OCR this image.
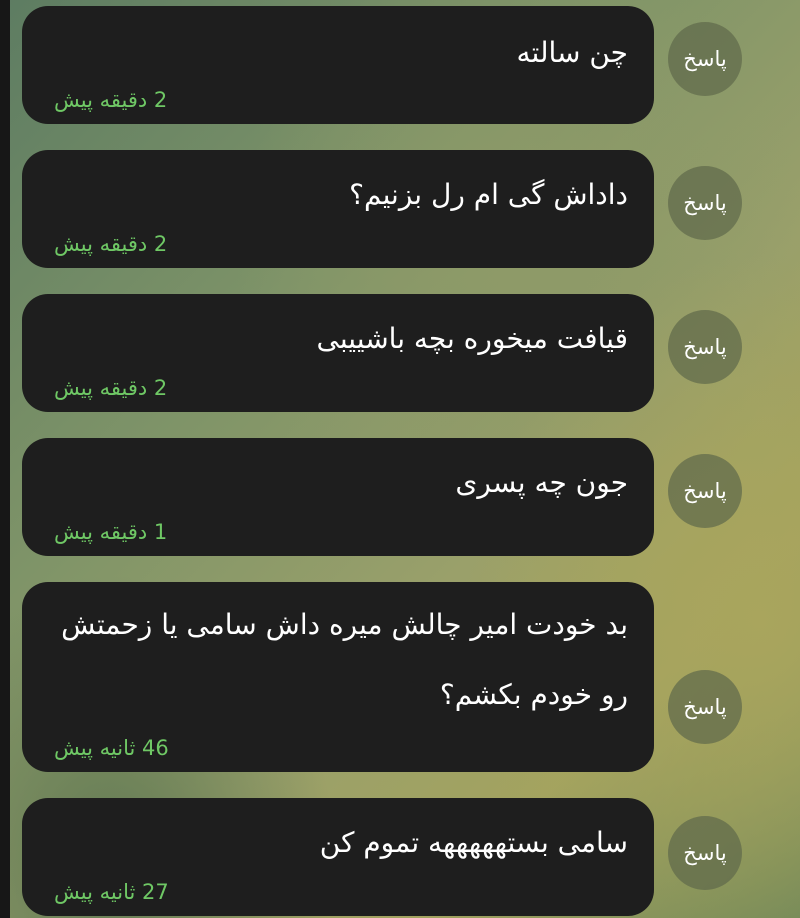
چن سالته
2 دقیقه پیش
پاسخ
داداش گی ام رل بزنیم؟
2 دقیقه پیش
پاسخ
قیافت میخوره بچه باشییبی
2 دقیقه پیش
پاسخ
جون چه پسری
1 دقیقه پیش
پاسخ
بد خودت امیر چالش میره داش سامی یا زحمتش رو خودم بکشم؟
46 ثانیه پیش
پاسخ
سامی بستهههههه تموم کن
27 ثانیه پیش
پاسخ
